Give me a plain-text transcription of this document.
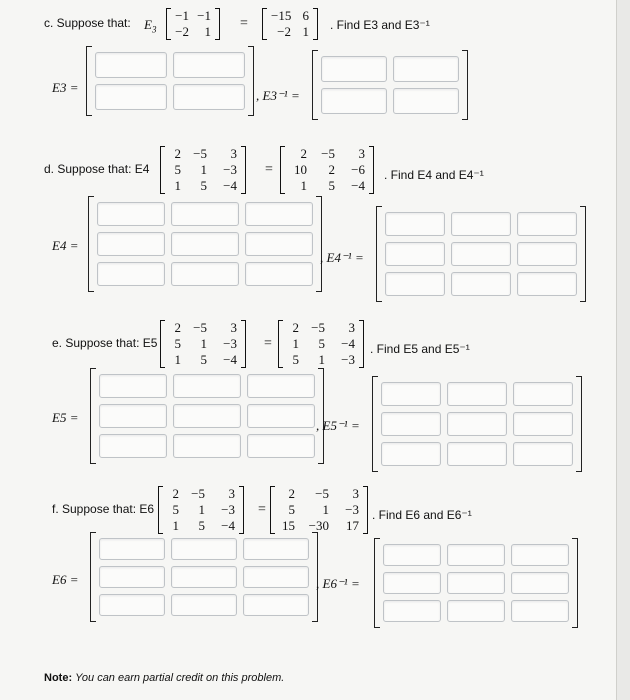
c. Suppose that: $E_3$
−1 −1
−2	1
=
−15 6
−2 1	. Find E3 and E3⁻¹
E3 =
, E3⁻¹ =
d. Suppose that: E4
2 −5	3
5	1	−3
1	5	−4
=
2	−5	3
10	2	−6
1	5	−4
. Find E4 and E4⁻¹
E4 =
, E4⁻¹ =
e. Suppose that: E5
2 −5	3
5	1	−3
1	5	−4
=
2 −5	3
1	5	−4
5	1	−3
. Find E5 and E5⁻¹
E5 =
, E5⁻¹ =
f. Suppose that: E6
2 −5	3
5	1	−3
1	5	−4
=
2	−5	3
5	1	−3
15	−30	17
. Find E6 and E6⁻¹
E6 =	, E6⁻¹ =
Note: You can earn partial credit on this problem.
